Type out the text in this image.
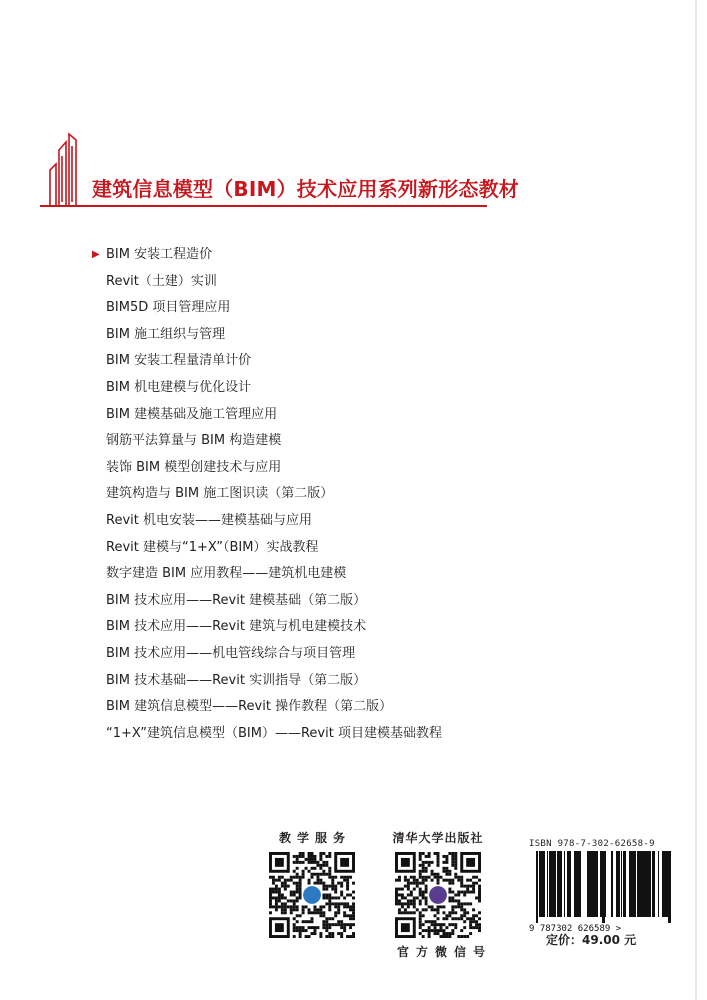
建筑信息模型（BIM）技术应用系列新形态教材
▶ BIM 安装工程造价
Revit（土建）实训
BIM5D 项目管理应用
BIM 施工组织与管理
BIM 安装工程量清单计价
BIM 机电建模与优化设计
BIM 建模基础及施工管理应用
钢筋平法算量与 BIM 构造建模
装饰 BIM 模型创建技术与应用
建筑构造与 BIM 施工图识读（第二版）
Revit 机电安装——建模基础与应用
Revit 建模与“1+X”（BIM）实战教程
数字建造 BIM 应用教程——建筑机电建模
BIM 技术应用——Revit 建模基础（第二版）
BIM 技术应用——Revit 建筑与机电建模技术
BIM 技术应用——机电管线综合与项目管理
BIM 技术基础——Revit 实训指导（第二版）
BIM 建筑信息模型——Revit 操作教程（第二版）
“1+X”建筑信息模型（BIM）——Revit 项目建模基础教程
教学服务	清华大学出版社
官方微信号
ISBN 978-7-302-62658-9
9 787302 626589 >
定价：49.00 元
